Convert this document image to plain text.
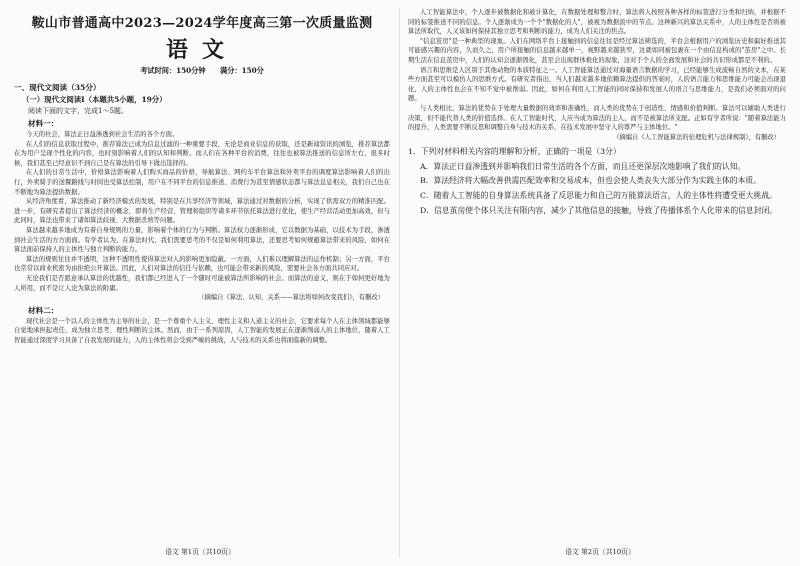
鞍山市普通高中2023—2024学年度高三第一次质量监测
语文
考试时间：150分钟 满分：150分
一、现代文阅读（35分）
（一）现代文阅读Ⅰ（本题共5小题，19分）
阅读下面的文字，完成1～5题。
材料一：

今天的社会，算法正日益渗透到社会生活的各个方面。

在人们的信息获取过程中，推荐算法已成为信息过滤的一种重要手段，无论是商业信息的获取，还是新闻资讯的浏览，推荐算法都在为用户呈现个性化的内容，也时刻影响着人们的认知和判断。而人们在各种平台的消费，往往也被算法推送的信息所左右，很多时候，我们甚至已经意识不到自己是在算法的引导下做出选择的。

在人们的日常生活中，价格算法影响着人们购买商品的价格，导航算法、网约车平台算法和外卖平台的调度算法影响着人们的出行，外卖骑手的送餐路线与时间也受算法控制，用户在不同平台的信息推送、消费行为甚至情感状态都与算法息息相关，我们自己也在不断地为算法提供数据。

从经济角度看，算法推动了新经济模式的发展，特别是在共享经济等领域，算法通过对数据的分析，实现了供需双方的精准匹配。进一步，有研究者提出了算法经济的概念，即将生产经营、管理和组织等诸多环节依托算法进行优化，使生产经营活动更加高效，但与此同时，算法也带来了诸如算法歧视、大数据杀熟等问题。

算法越来越多地成为有着自身规则的力量，影响着个体的行为与判断。算法权力逐渐形成，它以数据为基础，以技术为手段，渗透到社会生活的方方面面。有学者认为，在算法时代，我们需要思考的不仅是如何利用算法，还要思考如何规避算法带来的风险，如何在算法面前保持人的主体性与独立判断的能力。

算法的规则往往并不透明，这种不透明性使得算法对人的影响更加隐蔽。一方面，人们难以理解算法的运作机制；另一方面，平台也常常以商业机密为由拒绝公开算法。因此，人们对算法的信任与依赖，也可能会带来新的风险，需要社会各方面共同应对。

无论我们是否愿意承认算法的优越性，我们都已经进入了一个随时可能被算法所影响的社会。而算法的意义，则在于如何更好地为人所用，而不是让人沦为算法的附庸。

（摘编自《算法、认知、关系——算法将如何改变我们》，有删改）
材料二：

现代社会是一个以人的主体性为主导的社会，是一个尊重个人主义、理性主义和人道主义的社会，它要求每个人在主体领域都能够自觉地承担起责任，成为独立思考、理性判断的主体。然而，由于一系列原因，人工智能的发展正在逐渐削弱人的主体地位，随着人工智能通过深度学习具备了自我发展的能力，人的主体性将会受到严峻的挑战，人与技术的关系也将面临新的调整。

语文 第1页（共10页）

人工智能算法中，个人逐步被数据化和被计算化，在数据处理和整合时，算法将人按照各种各样的标签进行分类和归纳，并根据不同的标签推送不同的信息。个人逐渐成为一个个"数据化的人"，被视为数据流中的节点。这种新兴的算法关系中，人的主体性是否将被算法所取代，人又该如何保持其独立思考和判断的能力，成为人们关注的焦点。

"信息茧房"是一种典型的现象。人们在网络平台上接触到的信息往往是经过算法筛选的，平台会根据用户的浏览历史和偏好推送其可能感兴趣的内容，久而久之，用户所接触的信息越来越单一，视野越来越狭窄，这就如同被包裹在一个由信息构成的"茧房"之中。长期生活在信息茧房中，人们的认知会逐渐固化，甚至会出现群体极化的现象，这对于个人的全面发展和社会的共识形成都是不利的。

语言和思维是人区别于其他动物的本质特征之一。人工智能算法通过对海量语言数据的学习，已经能够生成流畅自然的文本，在某些方面甚至可以模仿人的思维方式。有研究者指出，当人们越来越多地依赖算法提供的答案时，人的语言能力和思维能力可能会出现退化，人的主体性也会在不知不觉中被削弱。因此，如何在利用人工智能的同时保持和发展人的语言与思维能力，是我们必须面对的问题。

与人类相比，算法的优势在于处理大量数据的效率和准确性，而人类的优势在于创造性、情感和价值判断。算法可以辅助人类进行决策，但不能代替人类的价值选择。在人工智能时代，人应当成为算法的主人，而不是被算法所支配。正如有学者所说："随着算法能力的提升，人类需要不断反思和调整自身与技术的关系，在技术发展中坚守人的尊严与主体地位。"

（摘编自《人工智能算法的伦理危机与法律规制》，有删改）
1．下列对材料相关内容的理解和分析，正确的一项是（3分）
A．算法正日益渗透到并影响我们日常生活的各个方面，而且还更深层次地影响了我们的认知。
B．算法经济将大幅改善供需匹配效率和交易成本，但也会使人类丧失大部分作为实践主体的本质。
C．随着人工智能的自身算法系统具备了反思能力和自己的万能算法语言，人的主体性将遭受更大挑战。
D．信息茧房使个体只关注有限内容，减少了其他信息的接触，导致了传播体系个人化带来的信息封闭。
语文 第2页（共10页）
